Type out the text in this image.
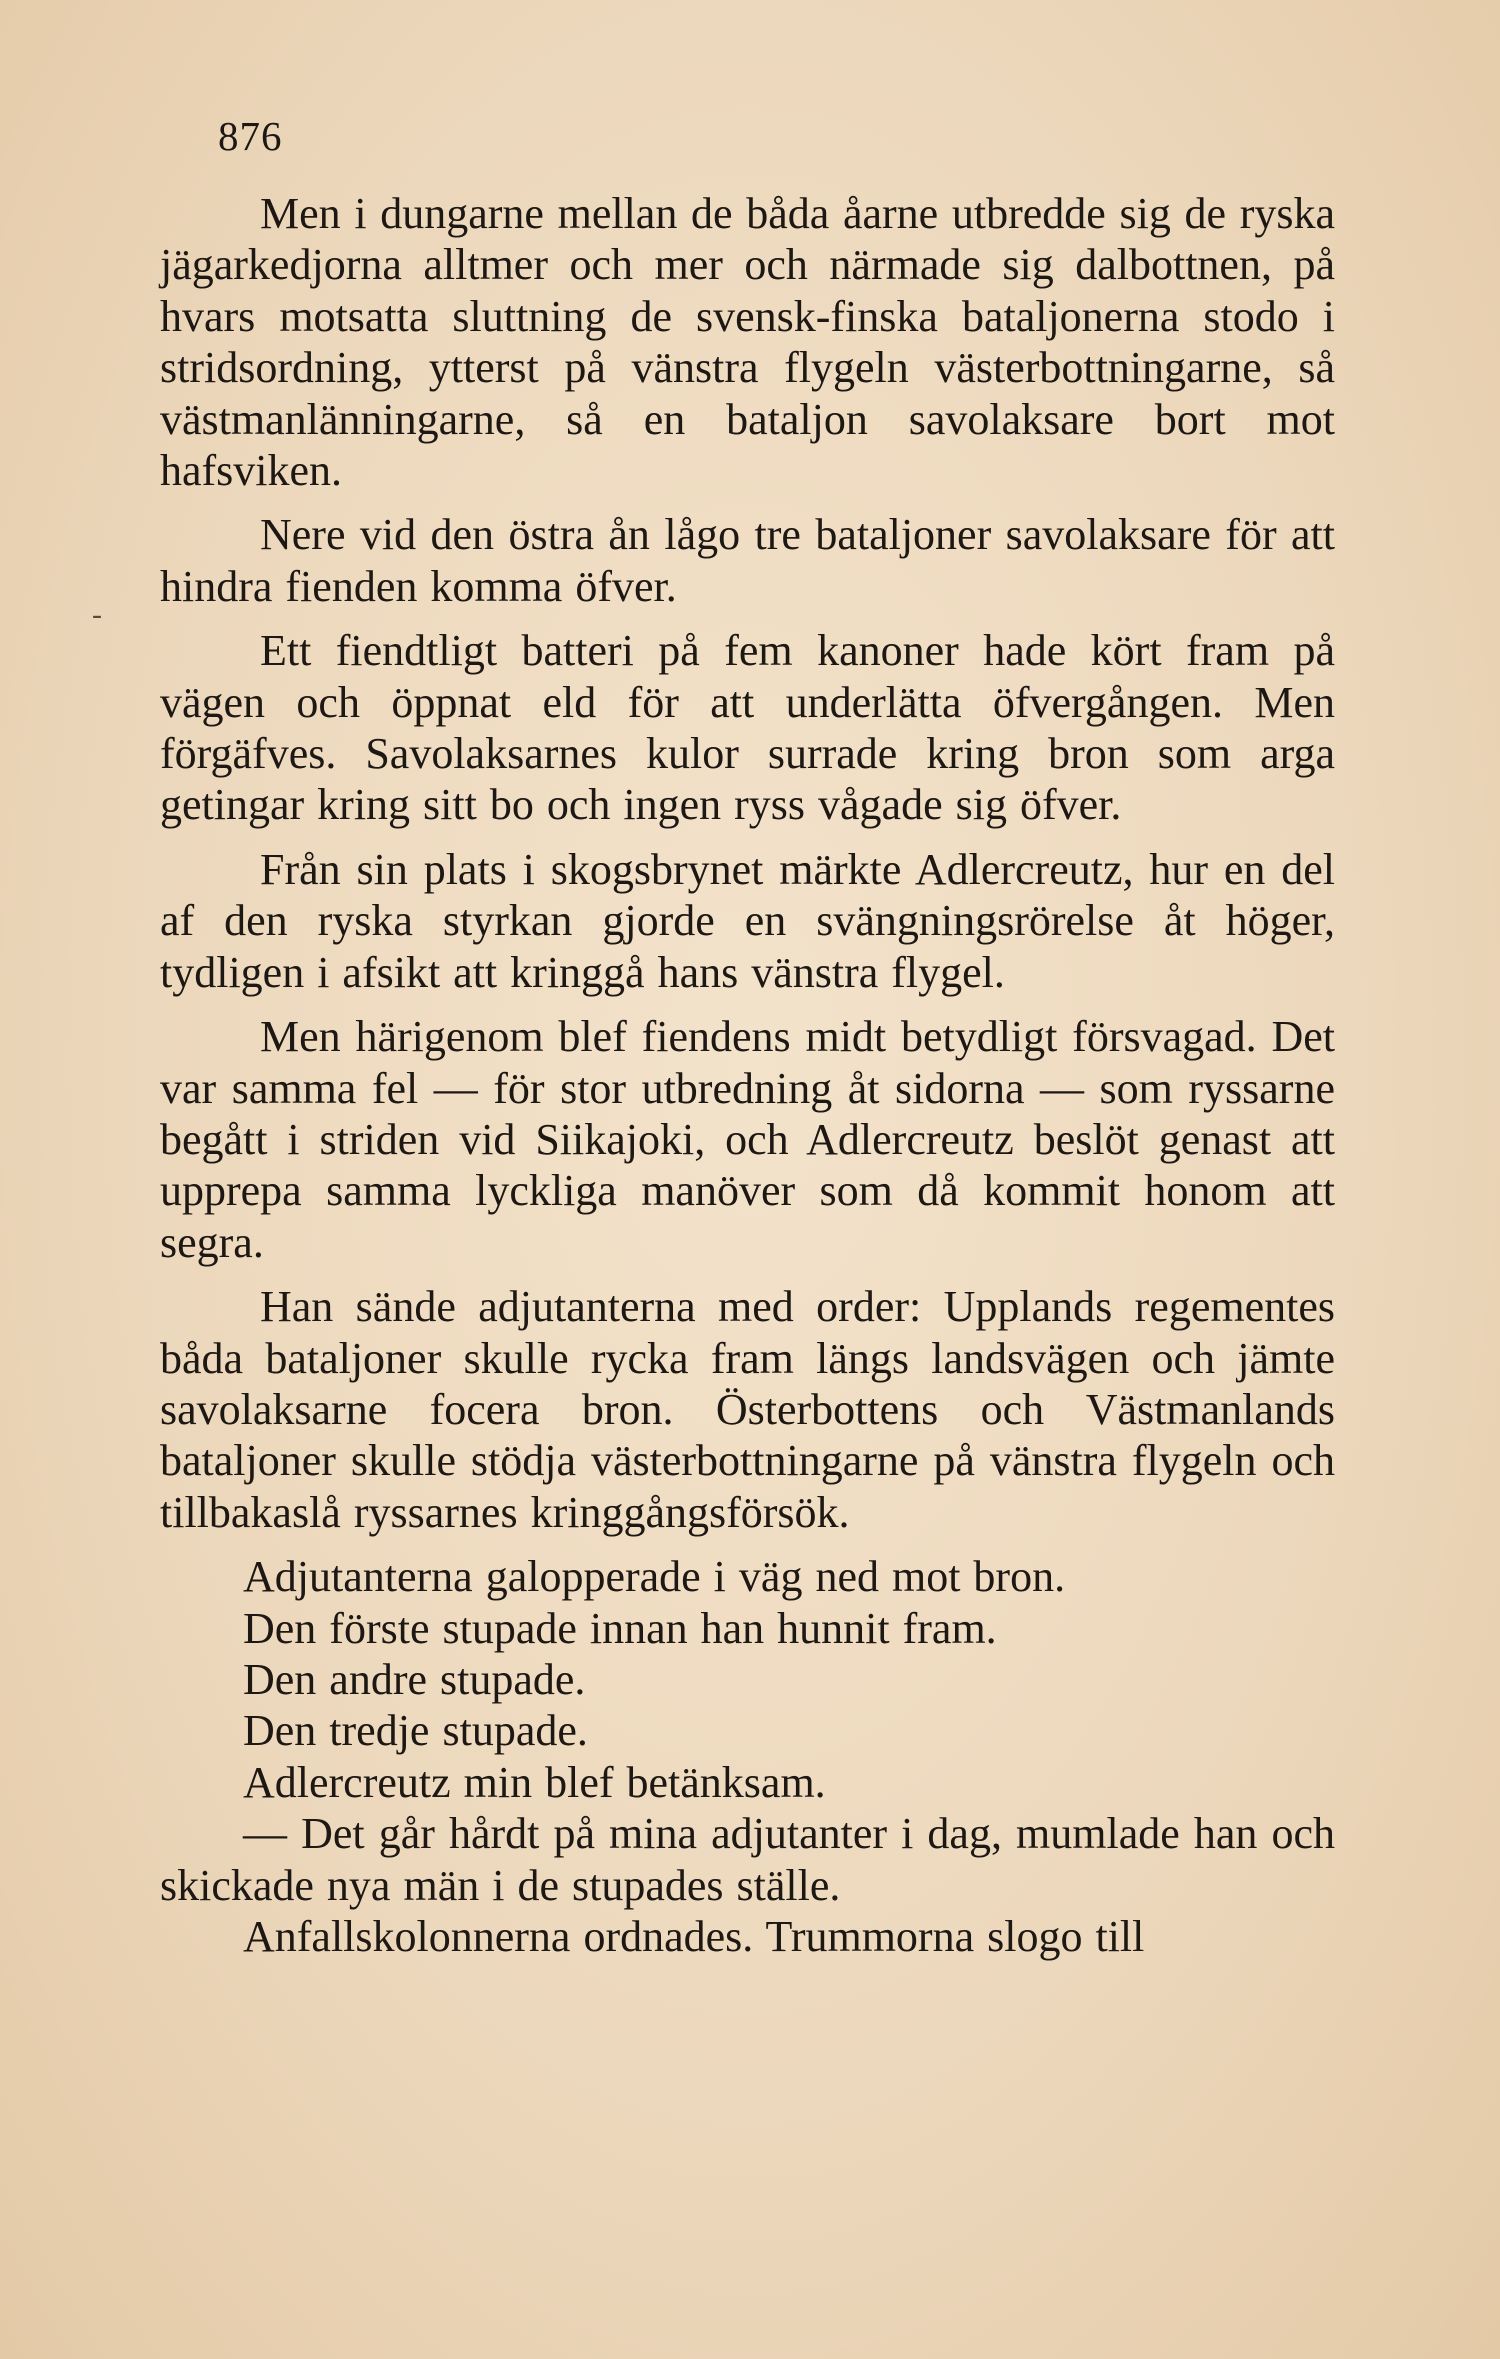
876
-

Men i dungarne mellan de båda åarne utbredde sig de ryska jägarkedjorna alltmer och mer och närmade sig dalbottnen, på hvars motsatta sluttning de svensk-finska bataljonerna stodo i stridsordning, ytterst på vänstra flygeln västerbottningarne, så västmanlänningarne, så en bataljon savolaksare bort mot hafsviken.

Nere vid den östra ån lågo tre bataljoner savolaksare för att hindra fienden komma öfver.

Ett fiendtligt batteri på fem kanoner hade kört fram på vägen och öppnat eld för att underlätta öfvergången. Men förgäfves. Savolaksarnes kulor surrade kring bron som arga getingar kring sitt bo och ingen ryss vågade sig öfver.

Från sin plats i skogsbrynet märkte Adlercreutz, hur en del af den ryska styrkan gjorde en svängningsrörelse åt höger, tydligen i afsikt att kringgå hans vänstra flygel.

Men härigenom blef fiendens midt betydligt försvagad. Det var samma fel — för stor utbredning åt sidorna — som ryssarne begått i striden vid Siikajoki, och Adlercreutz beslöt genast att upprepa samma lyckliga manöver som då kommit honom att segra.

Han sände adjutanterna med order: Upplands regementes båda bataljoner skulle rycka fram längs landsvägen och jämte savolaksarne focera bron. Österbottens och Västmanlands bataljoner skulle stödja västerbottningarne på vänstra flygeln och tillbakaslå ryssarnes kringgångsförsök.

Adjutanterna galopperade i väg ned mot bron.

Den förste stupade innan han hunnit fram.

Den andre stupade.

Den tredje stupade.

Adlercreutz min blef betänksam.

— Det går hårdt på mina adjutanter i dag, mumlade han och skickade nya män i de stupades ställe.

Anfallskolonnerna ordnades. Trummorna slogo till
